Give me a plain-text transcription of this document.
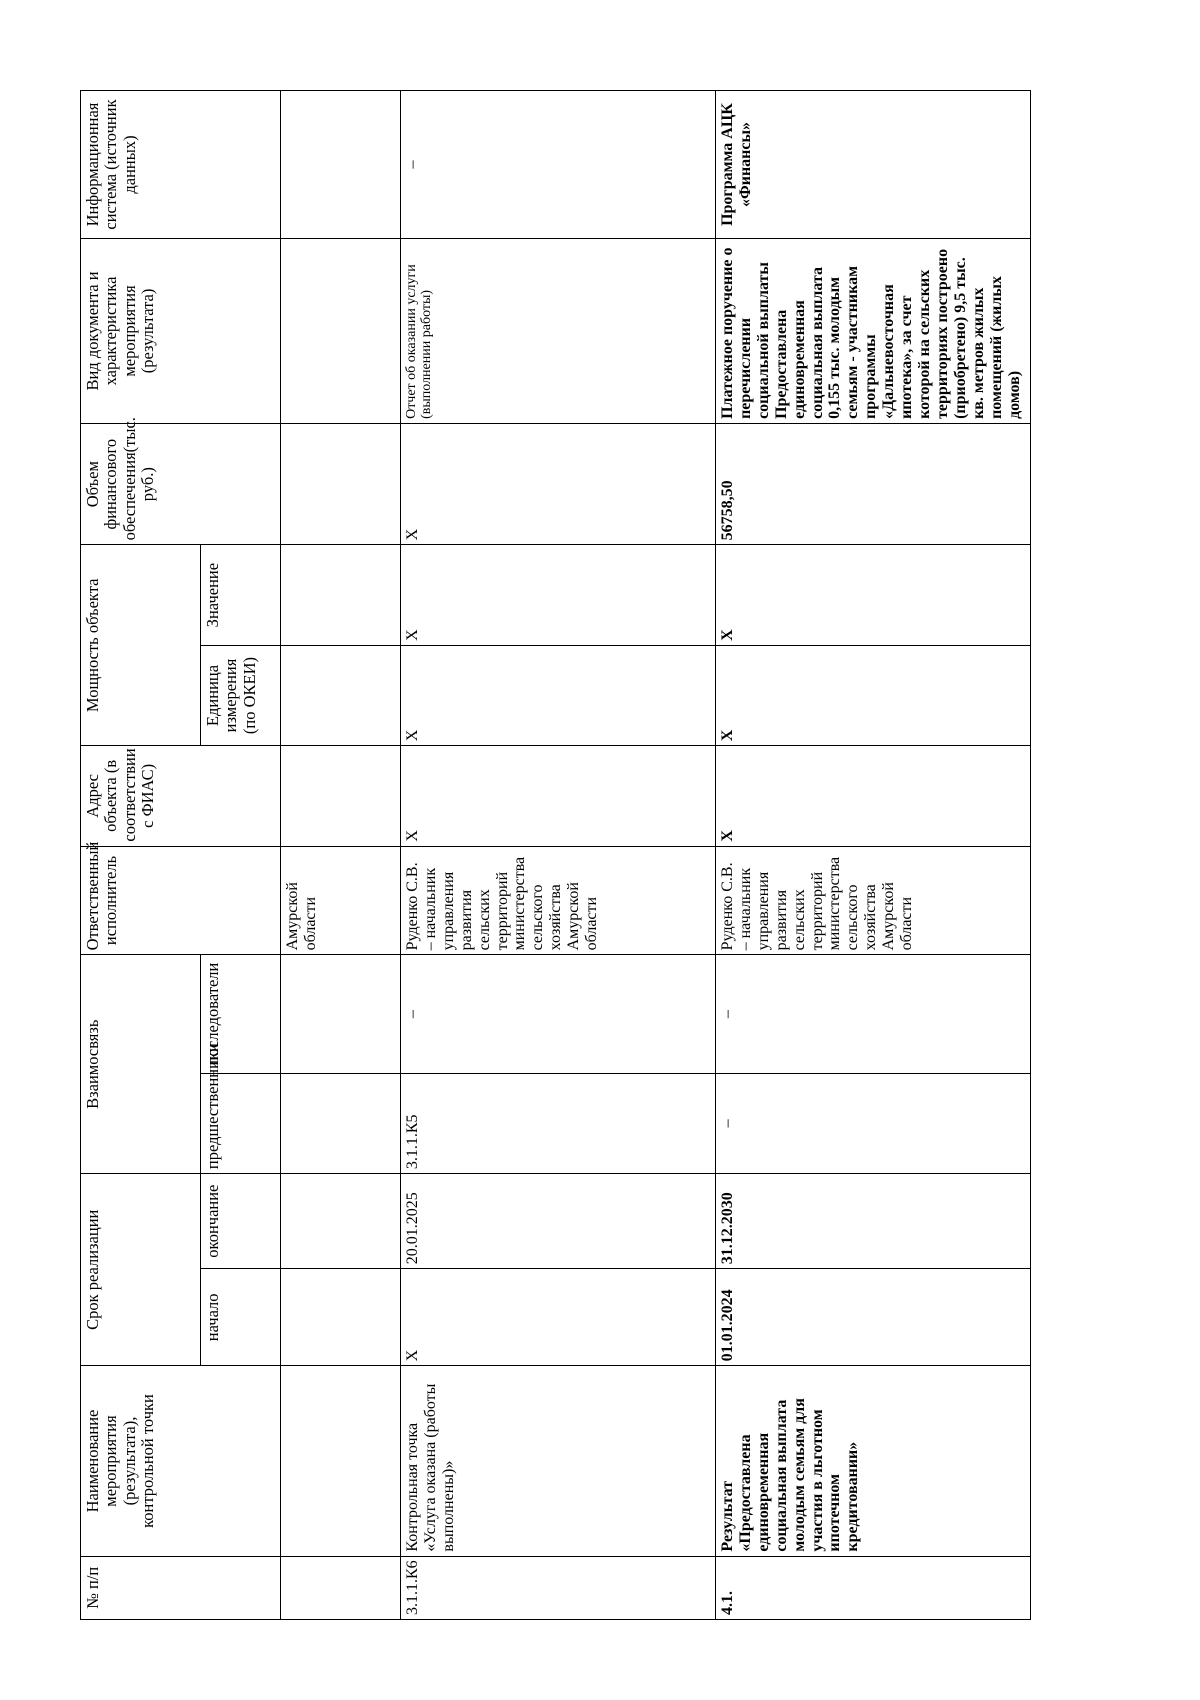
№ п/п	Наименование мероприятия (результата), контрольной точки	Срок реализации		Взаимосвязь		Ответственный исполнитель	Адрес объекта (в соответствии с ФИАС)	Мощность объекта		Объем финансового обеспечения(тыс. руб.)	Вид документа и характеристика мероприятия (результата)	Информационная система (источник данных)
		начало	окончание	предшественники	последователи			Единица измерения (по ОКЕИ)	Значение			
						Амурской области						
3.1.1.К6	Контрольная точка «Услуга оказана (работы выполнены)»	Х	20.01.2025	3.1.1.К5	–	Руденко С.В. – начальник управления развития сельских территорий министерства сельского хозяйства Амурской области	Х	Х	Х	Х	Отчет об оказании услуги (выполнении работы)	–
4.1.	Результат «Предоставлена единовременная социальная выплата молодым семьям для участия в льготном ипотечном кредитовании»	01.01.2024	31.12.2030	–	–	Руденко С.В. – начальник управления развития сельских территорий министерства сельского хозяйства Амурской области	Х	Х	Х	56758,50	Платежное поручение о перечислении социальной выплаты Предоставлена единовременная социальная выплата 0,155 тыс. молодым семьям - участникам программы «Дальневосточная ипотека», за счет которой на сельских территориях построено (приобретено) 9,5 тыс. кв. метров жилых помещений (жилых домов)	Программа АЦК «Финансы»
